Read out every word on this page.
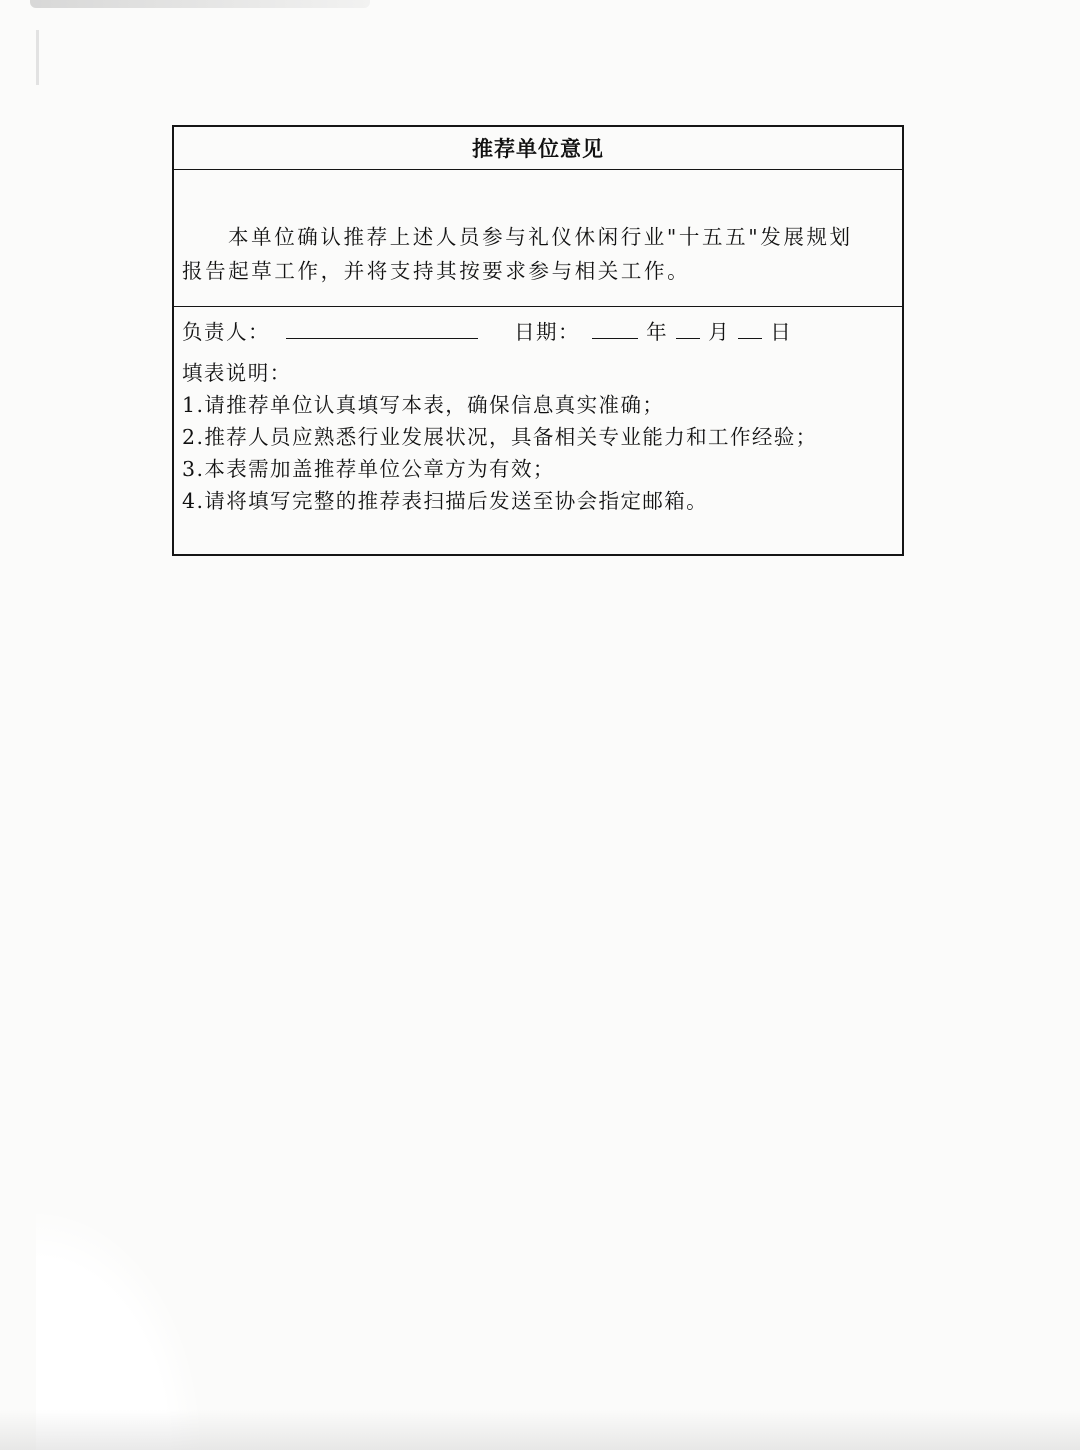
推荐单位意见
本单位确认推荐上述人员参与礼仪休闲行业"十五五"发展规划
报告起草工作，并将支持其按要求参与相关工作。
负责人：	日期：	年 月 日
填表说明：
1.请推荐单位认真填写本表，确保信息真实准确；
2.推荐人员应熟悉行业发展状况，具备相关专业能力和工作经验；
3.本表需加盖推荐单位公章方为有效；
4.请将填写完整的推荐表扫描后发送至协会指定邮箱。
